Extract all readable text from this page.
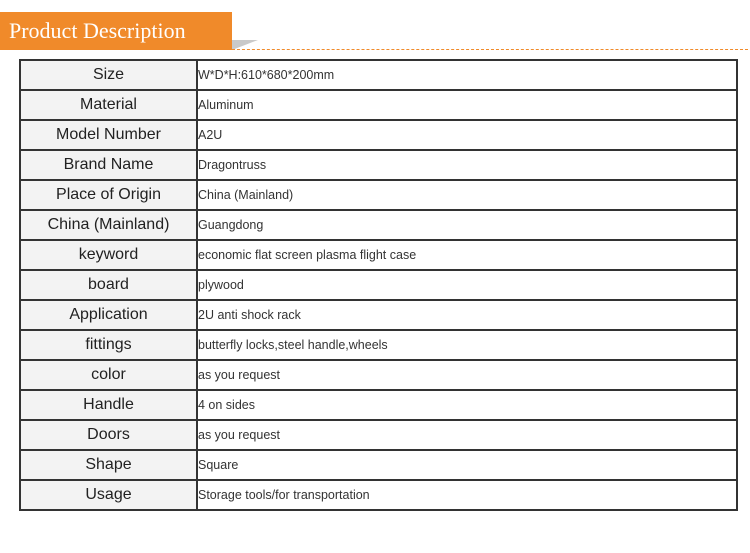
Product Description
Size	W*D*H:610*680*200mm
Material	Aluminum
Model Number	A2U
Brand Name	Dragontruss
Place of Origin	China (Mainland)
China (Mainland)	Guangdong
keyword	economic flat screen plasma flight case
board	plywood
Application	2U anti shock rack
fittings	butterfly locks,steel handle,wheels
color	as you request
Handle	4 on sides
Doors	as you request
Shape	Square
Usage	Storage tools/for transportation
